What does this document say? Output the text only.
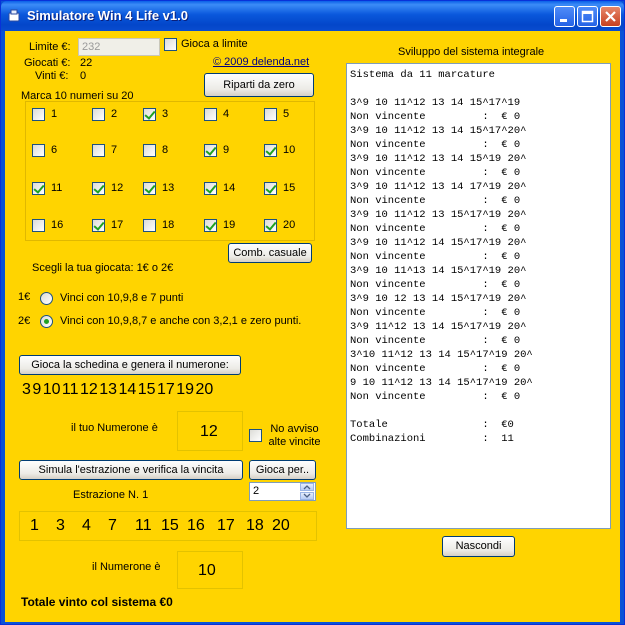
Simulatore Win 4 Life v1.0
Limite €: 232	Gioca a limite
Giocati €: 22
Vinti €: 0
© 2009 delenda.net
Riparti da zero
Marca 10 numeri su 20
1	2	3	4	5
6	7	8	9	10
11	12	13	14	15
16	17	18	19	20
Comb. casuale
Scegli la tua giocata: 1€ o 2€
1€	Vinci con 10,9,8 e 7 punti
2€	Vinci con 10,9,8,7 e anche con 3,2,1 e zero punti.
Gioca la schedina e genera il numerone:
3 9 10 11 12 13 14 15 17 19 20
il tuo Numerone è	12	No avviso alte vincite
Simula l'estrazione e verifica la vincita	Gioca per..
Estrazione N. 1	2
1 3 4 7 11 15 16 17 18 20
il Numerone è 10
Totale vinto col sistema €0
Sviluppo del sistema integrale
Sistema da 11 marcature

3^9 10 11^12 13 14 15^17^19
Non vincente         :  € 0
3^9 10 11^12 13 14 15^17^20^
Non vincente         :  € 0
3^9 10 11^12 13 14 15^19 20^
Non vincente         :  € 0
3^9 10 11^12 13 14 17^19 20^
Non vincente         :  € 0
3^9 10 11^12 13 15^17^19 20^
Non vincente         :  € 0
3^9 10 11^12 14 15^17^19 20^
Non vincente         :  € 0
3^9 10 11^13 14 15^17^19 20^
Non vincente         :  € 0
3^9 10 12 13 14 15^17^19 20^
Non vincente         :  € 0
3^9 11^12 13 14 15^17^19 20^
Non vincente         :  € 0
3^10 11^12 13 14 15^17^19 20^
Non vincente         :  € 0
9 10 11^12 13 14 15^17^19 20^
Non vincente         :  € 0

Totale               :  €0
Combinazioni         :  11
Nascondi
